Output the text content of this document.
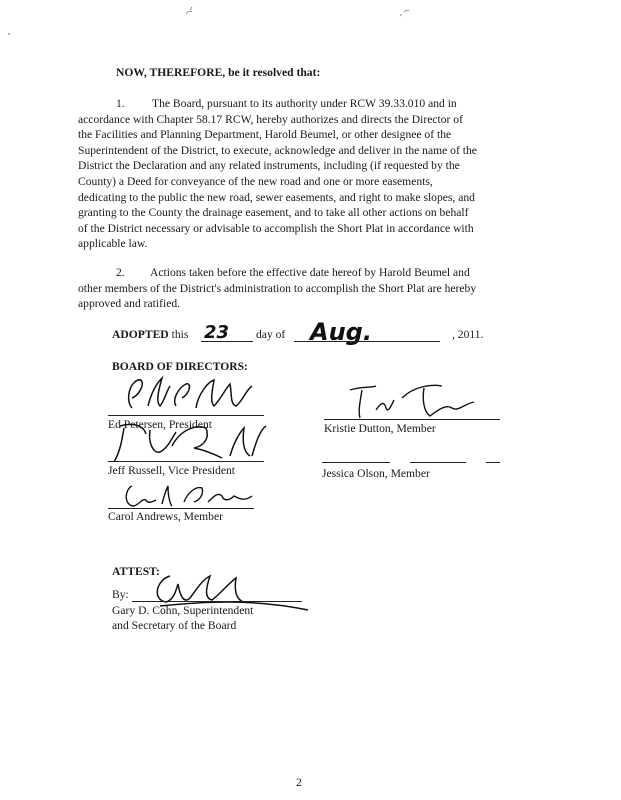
NOW, THEREFORE, be it resolved that:
1.	The Board, pursuant to its authority under RCW 39.33.010 and in
accordance with Chapter 58.17 RCW, hereby authorizes and directs the Director of
the Facilities and Planning Department, Harold Beumel, or other designee of the
Superintendent of the District, to execute, acknowledge and deliver in the name of the
District the Declaration and any related instruments, including (if requested by the
County) a Deed for conveyance of the new road and one or more easements,
dedicating to the public the new road, sewer easements, and right to make slopes, and
granting to the County the drainage easement, and to take all other actions on behalf
of the District necessary or advisable to accomplish the Short Plat in accordance with
applicable law.
2.	Actions taken before the effective date hereof by Harold Beumel and
other members of the District's administration to accomplish the Short Plat are hereby
approved and ratified.
ADOPTED this 23 day of Aug.	, 2011.
BOARD OF DIRECTORS:
Ed Petersen, President	Kristie Dutton, Member
Jeff Russell, Vice President	Jessica Olson, Member
Carol Andrews, Member
ATTEST:
By:
Gary D. Cohn, Superintendent
and Secretary of the Board
2
